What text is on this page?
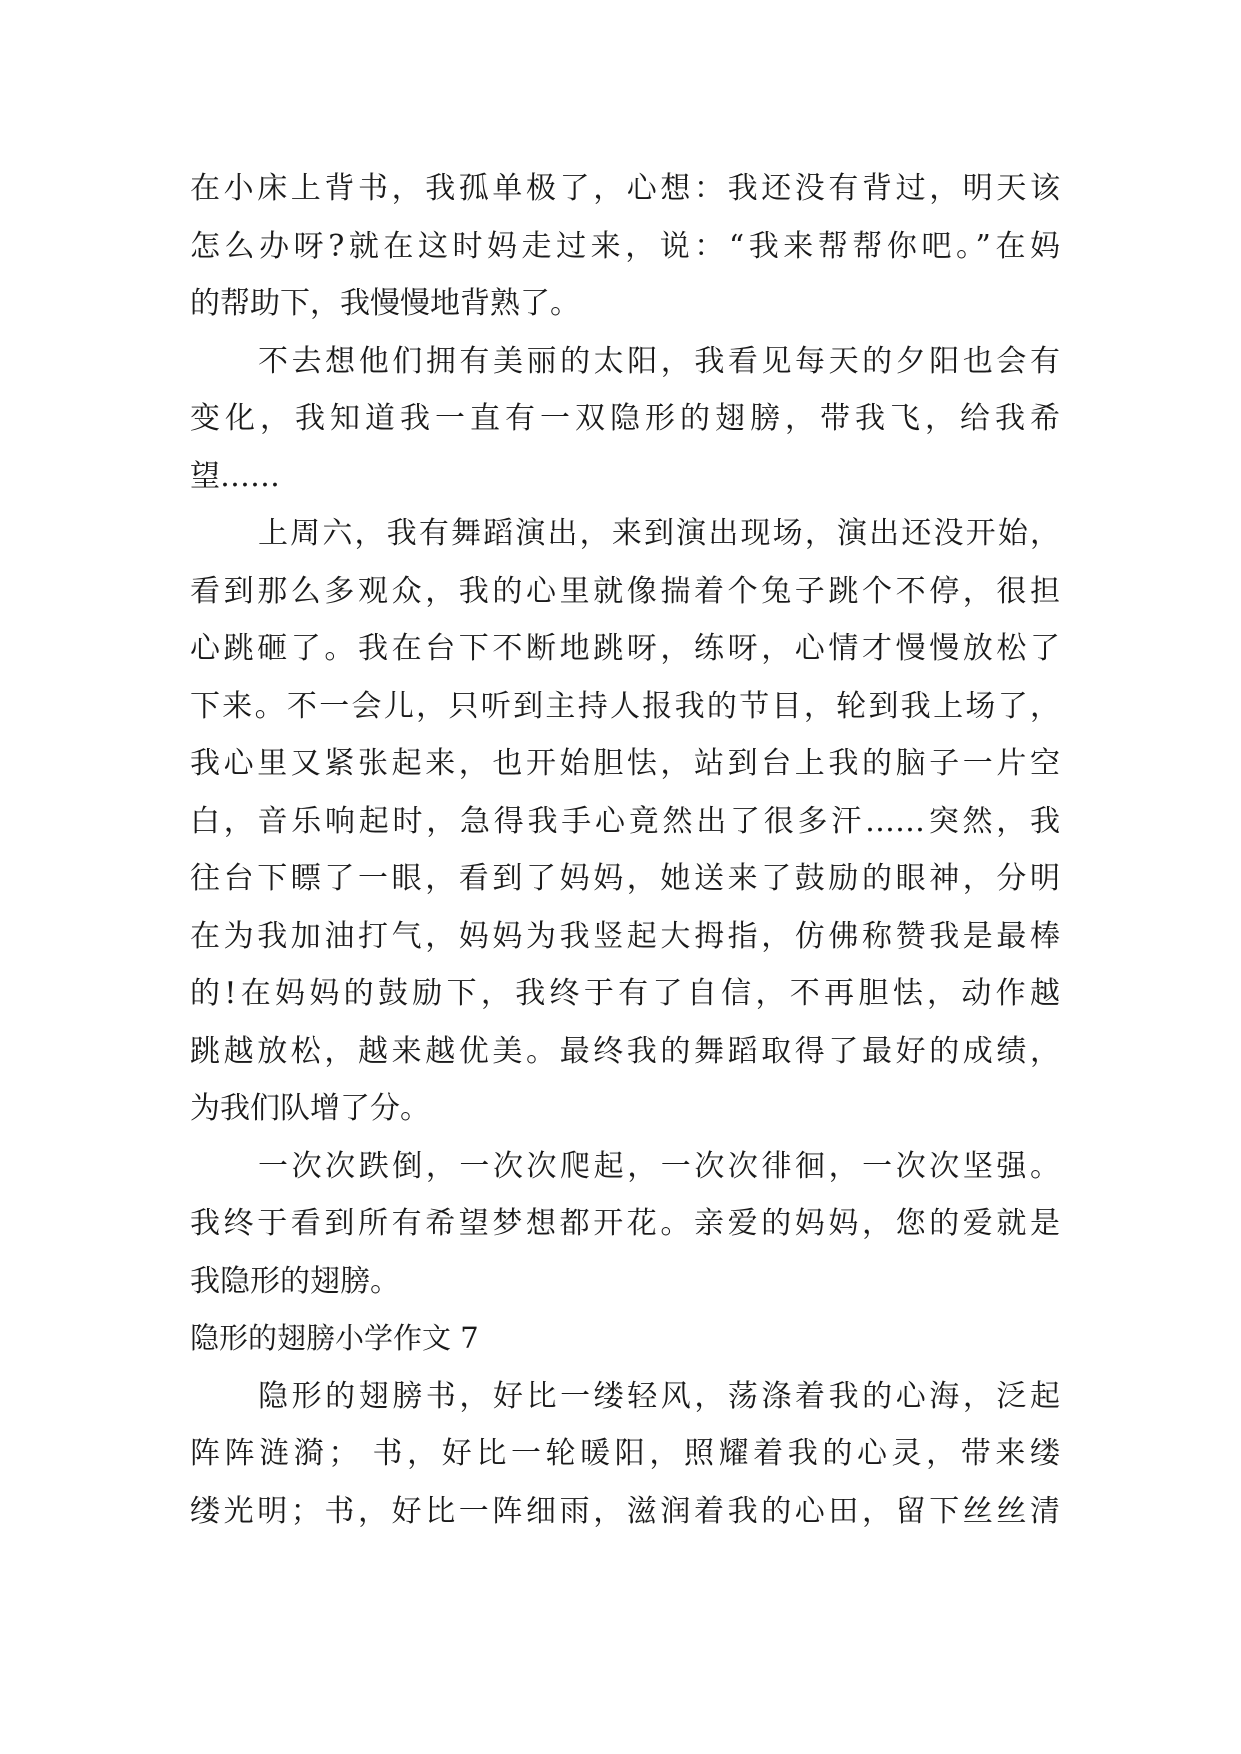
在小床上背书，我孤单极了，心想：我还没有背过，明天该
怎么办呀?就在这时妈走过来，说：“我来帮帮你吧。”在妈
的帮助下，我慢慢地背熟了。
不去想他们拥有美丽的太阳，我看见每天的夕阳也会有
变化，我知道我一直有一双隐形的翅膀，带我飞，给我希
望……
上周六，我有舞蹈演出，来到演出现场，演出还没开始，
看到那么多观众，我的心里就像揣着个兔子跳个不停，很担
心跳砸了。我在台下不断地跳呀，练呀，心情才慢慢放松了
下来。不一会儿，只听到主持人报我的节目，轮到我上场了，
我心里又紧张起来，也开始胆怯，站到台上我的脑子一片空
白，音乐响起时，急得我手心竟然出了很多汗……突然，我
往台下瞟了一眼，看到了妈妈，她送来了鼓励的眼神，分明
在为我加油打气，妈妈为我竖起大拇指，仿佛称赞我是最棒
的!在妈妈的鼓励下，我终于有了自信，不再胆怯，动作越
跳越放松，越来越优美。最终我的舞蹈取得了最好的成绩，
为我们队增了分。
一次次跌倒，一次次爬起，一次次徘徊，一次次坚强。
我终于看到所有希望梦想都开花。亲爱的妈妈，您的爱就是
我隐形的翅膀。
隐形的翅膀小学作文 7
隐形的翅膀书，好比一缕轻风，荡涤着我的心海，泛起
阵阵涟漪； 书，好比一轮暖阳，照耀着我的心灵，带来缕
缕光明；书，好比一阵细雨，滋润着我的心田，留下丝丝清
